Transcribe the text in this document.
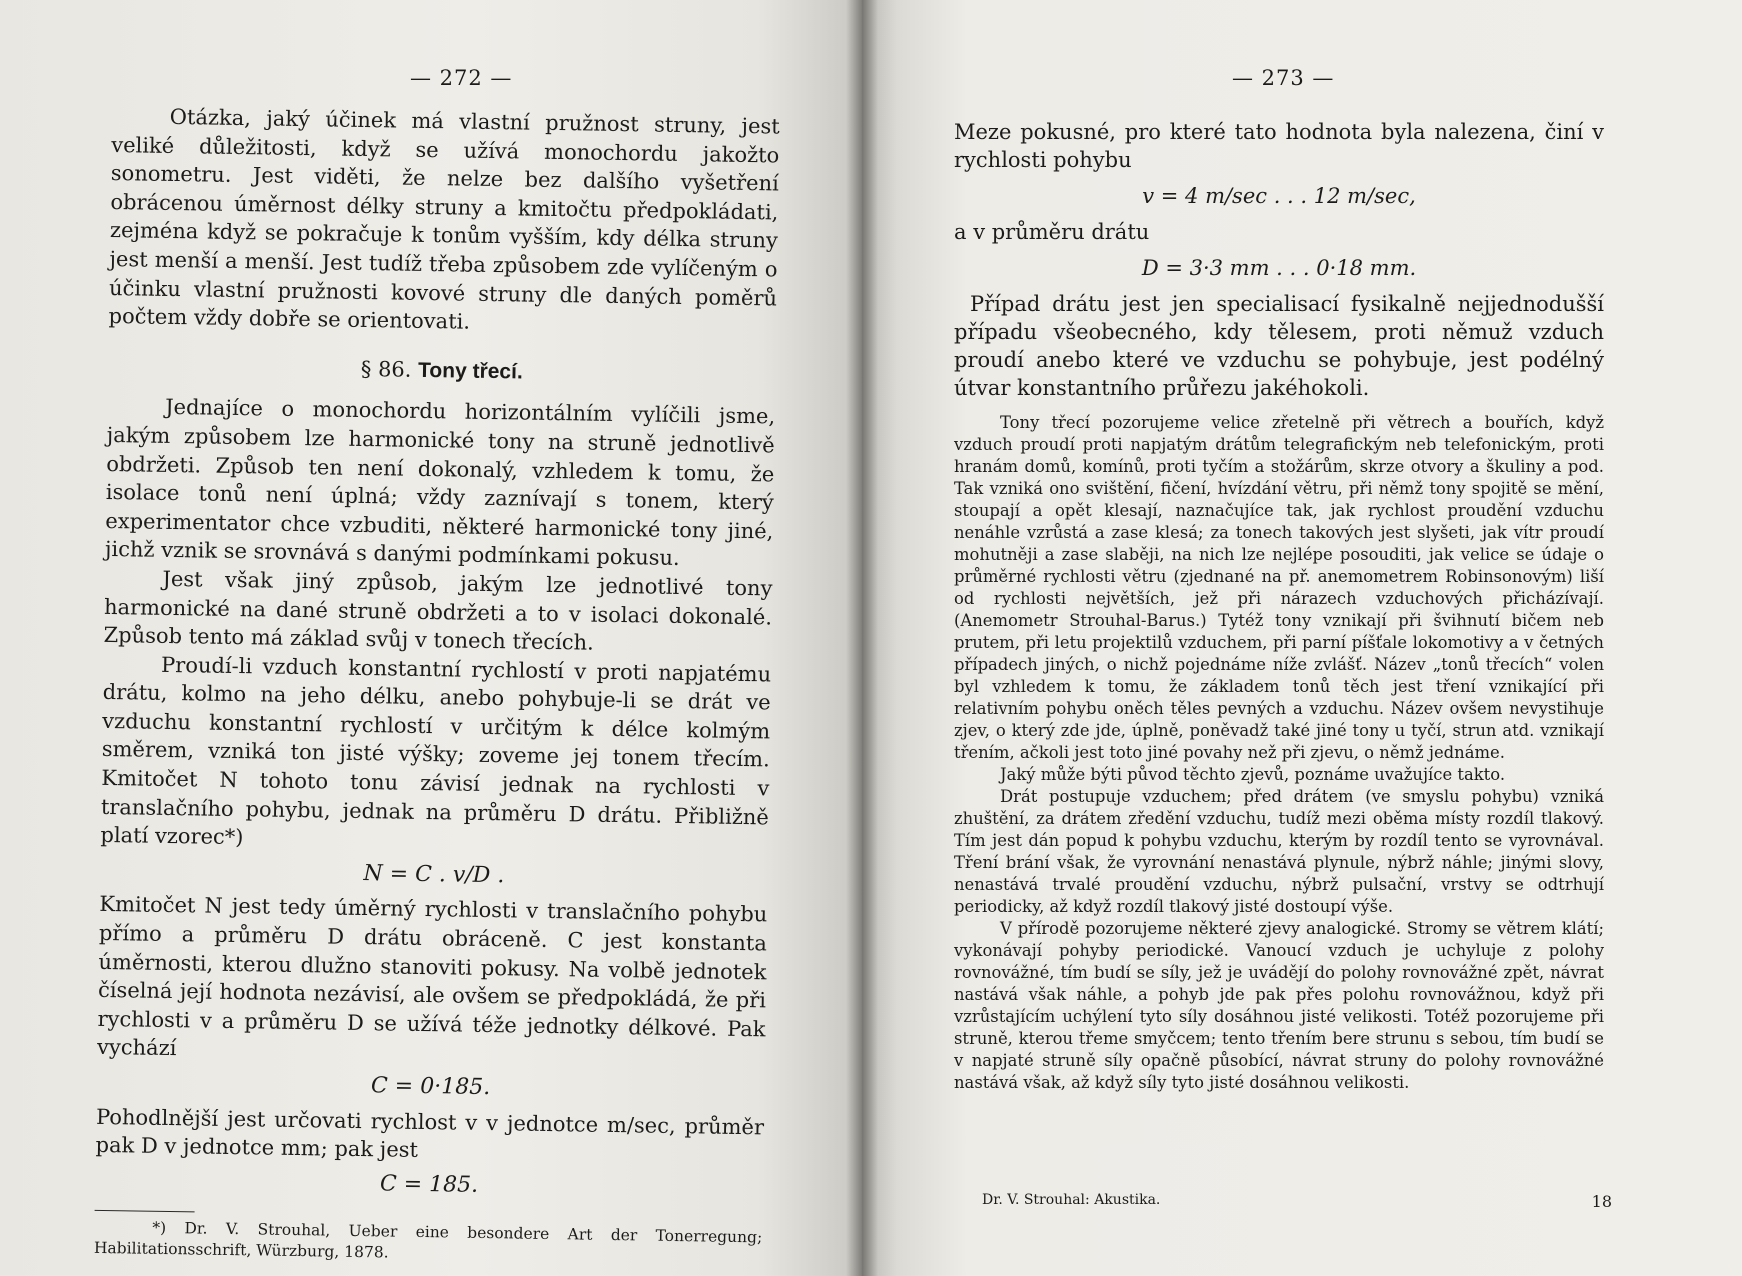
— 272 —

Otázka, jaký účinek má vlastní pružnost struny, jest veliké důležitosti, když se užívá monochordu jakožto sonometru. Jest viděti, že nelze bez dalšího vyšetření obrácenou úměrnost délky struny a kmitočtu předpokládati, zejména když se pokračuje k tonům vyšším, kdy délka struny jest menší a menší. Jest tudíž třeba způsobem zde vylíčeným o účinku vlastní pružnosti kovové struny dle daných poměrů počtem vždy dobře se orientovati.

§ 86. Tony třecí.

Jednajíce o monochordu horizontálním vylíčili jsme, jakým způsobem lze harmonické tony na struně jednotlivě obdržeti. Způsob ten není dokonalý, vzhledem k tomu, že isolace tonů není úplná; vždy zaznívají s tonem, který experimentator chce vzbuditi, některé harmonické tony jiné, jichž vznik se srovnává s danými podmínkami pokusu.

Jest však jiný způsob, jakým lze jednotlivé tony harmonické na dané struně obdržeti a to v isolaci dokonalé. Způsob tento má základ svůj v tonech třecích.

Proudí-li vzduch konstantní rychlostí v proti napjatému drátu, kolmo na jeho délku, anebo pohybuje-li se drát ve vzduchu konstantní rychlostí v určitým k délce kolmým směrem, vzniká ton jisté výšky; zoveme jej tonem třecím. Kmitočet N tohoto tonu závisí jednak na rychlosti v translačního pohybu, jednak na průměru D drátu. Přibližně platí vzorec*)

N = C . v/D .

Kmitočet N jest tedy úměrný rychlosti v translačního pohybu přímo a průměru D drátu obráceně. C jest konstanta úměrnosti, kterou dlužno stanoviti pokusy. Na volbě jednotek číselná její hodnota nezávisí, ale ovšem se předpokládá, že při rychlosti v a průměru D se užívá téže jednotky délkové. Pak vychází

C = 0·185.

Pohodlnější jest určovati rychlost v v jednotce m/sec, průměr pak D v jednotce mm; pak jest

C = 185.

*) Dr. V. Strouhal, Ueber eine besondere Art der Tonerregung; Habilitationsschrift, Würzburg, 1878.

— 273 —

Meze pokusné, pro které tato hodnota byla nalezena, činí v rychlosti pohybu

v = 4 m/sec . . . 12 m/sec,

a v průměru drátu

D = 3·3 mm . . . 0·18 mm.

Případ drátu jest jen specialisací fysikalně nejjednodušší případu všeobecného, kdy tělesem, proti němuž vzduch proudí anebo které ve vzduchu se pohybuje, jest podélný útvar konstantního průřezu jakéhokoli.

Tony třecí pozorujeme velice zřetelně při větrech a bouřích, když vzduch proudí proti napjatým drátům telegrafickým neb telefonickým, proti hranám domů, komínů, proti tyčím a stožárům, skrze otvory a škuliny a pod. Tak vzniká ono svištění, fičení, hvízdání větru, při němž tony spojitě se mění, stoupají a opět klesají, naznačujíce tak, jak rychlost proudění vzduchu nenáhle vzrůstá a zase klesá; za tonech takových jest slyšeti, jak vítr proudí mohutněji a zase slaběji, na nich lze nejlépe posouditi, jak velice se údaje o průměrné rychlosti větru (zjednané na př. anemometrem Robinsonovým) liší od rychlosti největších, jež při nárazech vzduchových přicházívají. (Anemometr Strouhal-Barus.) Tytéž tony vznikají při švihnutí bičem neb prutem, při letu projektilů vzduchem, při parní píšťale lokomotivy a v četných případech jiných, o nichž pojednáme níže zvlášť. Název „tonů třecích“ volen byl vzhledem k tomu, že základem tonů těch jest tření vznikající při relativním pohybu oněch těles pevných a vzduchu. Název ovšem nevystihuje zjev, o který zde jde, úplně, poněvadž také jiné tony u tyčí, strun atd. vznikají třením, ačkoli jest toto jiné povahy než při zjevu, o němž jednáme.

Jaký může býti původ těchto zjevů, poznáme uvažujíce takto.

Drát postupuje vzduchem; před drátem (ve smyslu pohybu) vzniká zhuštění, za drátem zředění vzduchu, tudíž mezi oběma místy rozdíl tlakový. Tím jest dán popud k pohybu vzduchu, kterým by rozdíl tento se vyrovnával. Tření brání však, že vyrovnání nenastává plynule, nýbrž náhle; jinými slovy, nenastává trvalé proudění vzduchu, nýbrž pulsační, vrstvy se odtrhují periodicky, až když rozdíl tlakový jisté dostoupí výše.

V přírodě pozorujeme některé zjevy analogické. Stromy se větrem klátí; vykonávají pohyby periodické. Vanoucí vzduch je uchyluje z polohy rovnovážné, tím budí se síly, jež je uvádějí do polohy rovnovážné zpět, návrat nastává však náhle, a pohyb jde pak přes polohu rovnovážnou, když při vzrůstajícím uchýlení tyto síly dosáhnou jisté velikosti. Totéž pozorujeme při struně, kterou třeme smyčcem; tento třením bere strunu s sebou, tím budí se v napjaté struně síly opačně působící, návrat struny do polohy rovnovážné nastává však, až když síly tyto jisté dosáhnou velikosti.

Dr. V. Strouhal: Akustika.	18
